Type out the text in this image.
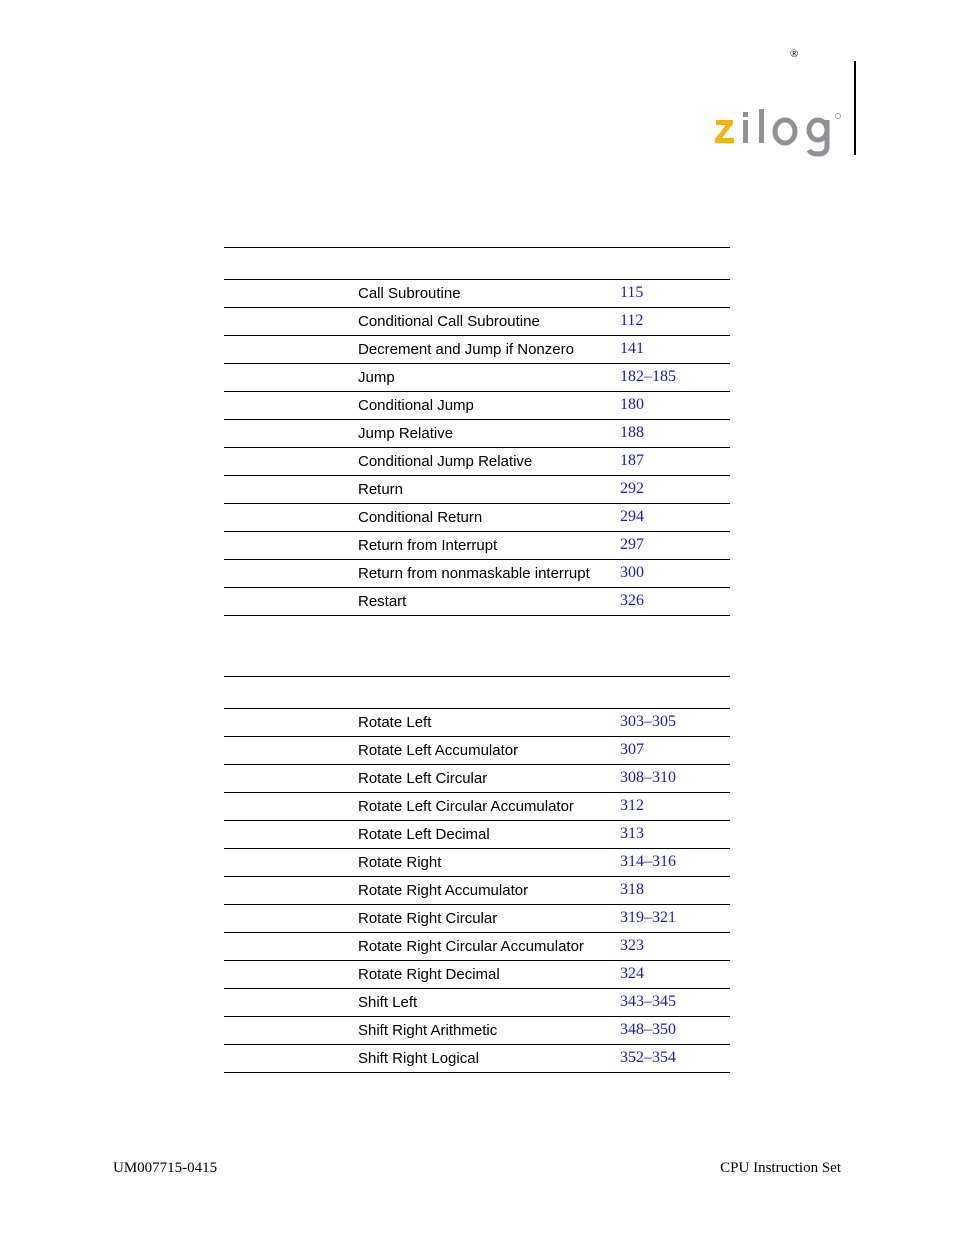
®
Call Subroutine	115
Conditional Call Subroutine	112
Decrement and Jump if Nonzero	141
Jump	182–185
Conditional Jump	180
Jump Relative	188
Conditional Jump Relative	187
Return	292
Conditional Return	294
Return from Interrupt	297
Return from nonmaskable interrupt 300
Restart	326
Rotate Left	303–305
Rotate Left Accumulator	307
Rotate Left Circular	308–310
Rotate Left Circular Accumulator	312
Rotate Left Decimal	313
Rotate Right	314–316
Rotate Right Accumulator	318
Rotate Right Circular	319–321
Rotate Right Circular Accumulator 323
Rotate Right Decimal	324
Shift Left	343–345
Shift Right Arithmetic	348–350
Shift Right Logical	352–354
UM007715-0415	CPU Instruction Set
